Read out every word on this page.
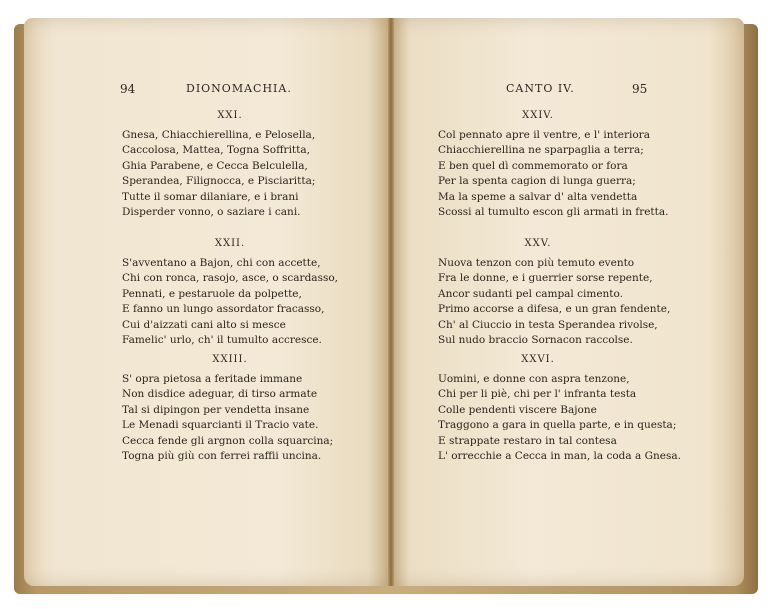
94	DIONOMACHIA.
XXI.
Gnesa, Chiacchierellina, e Pelosella,
Caccolosa, Mattea, Togna Soffritta,
Ghia Parabene, e Cecca Belculella,
Sperandea, Filignocca, e Pisciaritta;
Tutte il somar dilaniare, e i brani
Disperder vonno, o saziare i cani.
XXII.
S'avventano a Bajon, chi con accette,
Chi con ronca, rasojo, asce, o scardasso,
Pennati, e pestaruole da polpette,
E fanno un lungo assordator fracasso,
Cui d'aizzati cani alto si mesce
Famelic' urlo, ch' il tumulto accresce.
XXIII.
S' opra pietosa a feritade immane
Non disdice adeguar, di tirso armate
Tal si dipingon per vendetta insane
Le Menadi squarcianti il Tracio vate.
Cecca fende gli argnon colla squarcina;
Togna più giù con ferrei raffii uncina.
CANTO IV.	95
XXIV.
Col pennato apre il ventre, e l' interiora
Chiacchierellina ne sparpaglia a terra;
E ben quel dì commemorato or fora
Per la spenta cagion di lunga guerra;
Ma la speme a salvar d' alta vendetta
Scossi al tumulto escon gli armati in fretta.
XXV.
Nuova tenzon con più temuto evento
Fra le donne, e i guerrier sorse repente,
Ancor sudanti pel campal cimento.
Primo accorse a difesa, e un gran fendente,
Ch' al Ciuccio in testa Sperandea rivolse,
Sul nudo braccio Sornacon raccolse.
XXVI.
Uomini, e donne con aspra tenzone,
Chi per li piè, chi per l' infranta testa
Colle pendenti viscere Bajone
Traggono a gara in quella parte, e in questa;
E strappate restaro in tal contesa
L' orrecchie a Cecca in man, la coda a Gnesa.
